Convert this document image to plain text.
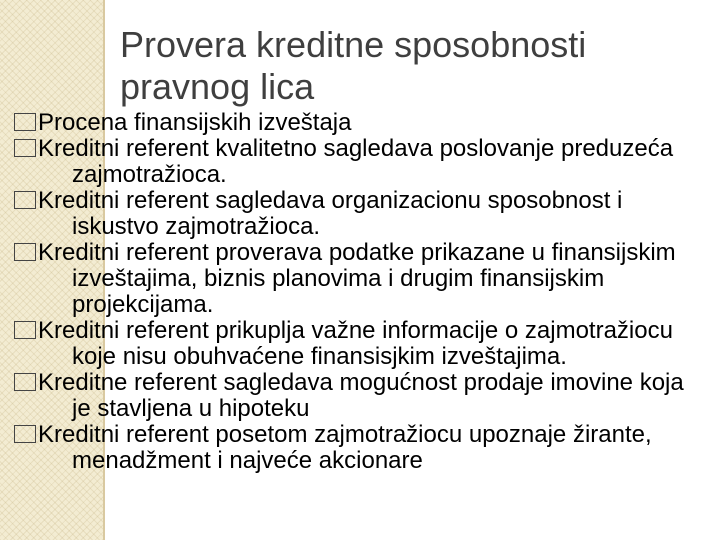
Provera kreditne sposobnosti pravnog lica
Procena finansijskih izveštaja
Kreditni referent kvalitetno sagledava poslovanje preduzeća zajmotražioca.
Kreditni referent sagledava organizacionu sposobnost i iskustvo zajmotražioca.
Kreditni referent proverava podatke prikazane u finansijskim izveštajima, biznis planovima i drugim finansijskim projekcijama.
Kreditni referent prikuplja važne informacije o zajmotražiocu koje nisu obuhvaćene finansisjkim izveštajima.
Kreditne referent sagledava mogućnost prodaje imovine koja je stavljena u hipoteku
Kreditni referent posetom zajmotražiocu upoznaje žirante, menadžment i najveće akcionare
